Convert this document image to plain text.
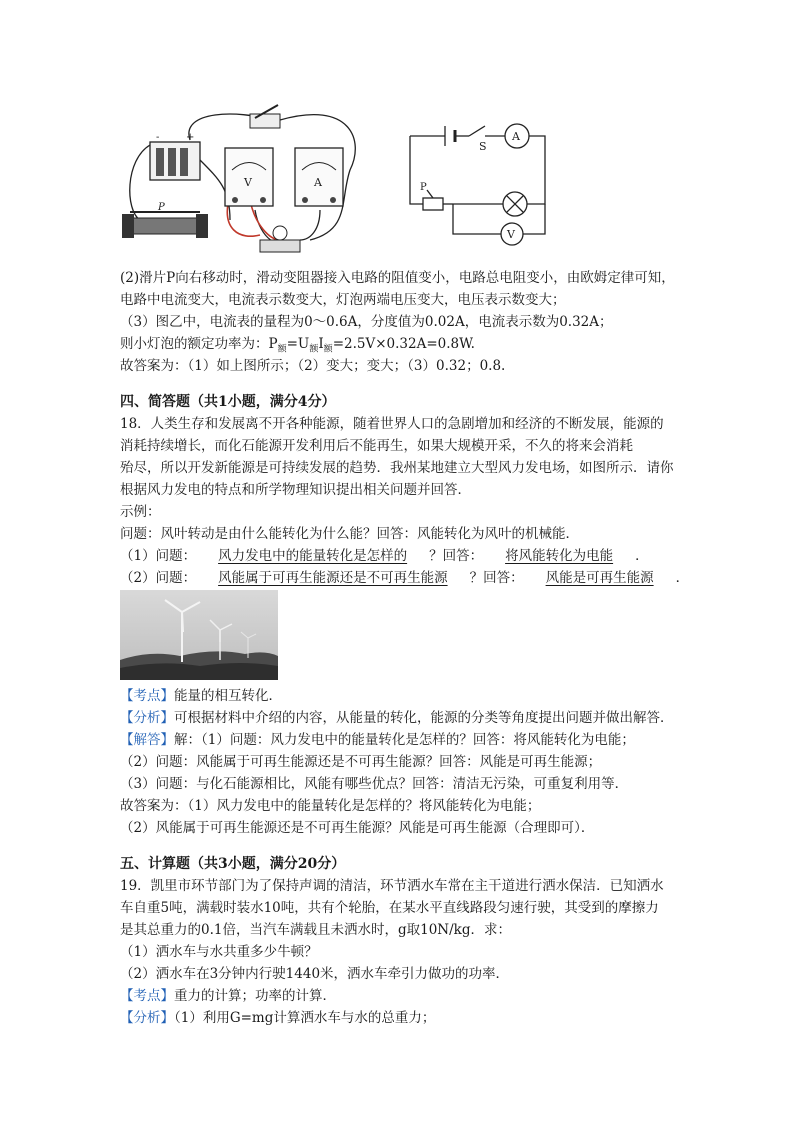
-	+
V	A
P
S
A
P
V
(2)滑片P向右移动时，滑动变阻器接入电路的阻值变小，电路总电阻变小，由欧姆定律可知，
电路中电流变大，电流表示数变大，灯泡两端电压变大，电压表示数变大；
（3）图乙中，电流表的量程为0～0.6A，分度值为0.02A，电流表示数为0.32A；
则小灯泡的额定功率为：$P_额=U_额I_额=2.5V\times 0.32A=0.8W$.
故答案为：（1）如上图所示；（2）变大；变大；（3）0.32；0.8.
四、简答题（共1小题，满分4分）
18．人类生存和发展离不开各种能源，随着世界人口的急剧增加和经济的不断发展，能源的
消耗持续增长，而化石能源开发利用后不能再生，如果大规模开采，不久的将来会消耗
殆尽，所以开发新能源是可持续发展的趋势．我州某地建立大型风力发电场，如图所示．请你
根据风力发电的特点和所学物理知识提出相关问题并回答．
示例：
问题：风叶转动是由什么能转化为什么能？回答：风能转化为风叶的机械能．
（1）问题： 风力发电中的能量转化是怎样的 ？回答： 将风能转化为电能 ．
（2）问题： 风能属于可再生能源还是不可再生能源 ？回答： 风能是可再生能源 ．
【考点】能量的相互转化．
【分析】可根据材料中介绍的内容，从能量的转化，能源的分类等角度提出问题并做出解答．
【解答】解：（1）问题：风力发电中的能量转化是怎样的？回答：将风能转化为电能；
（2）问题：风能属于可再生能源还是不可再生能源？回答：风能是可再生能源；
（3）问题：与化石能源相比，风能有哪些优点？回答：清洁无污染，可重复利用等．
故答案为：（1）风力发电中的能量转化是怎样的？将风能转化为电能；
（2）风能属于可再生能源还是不可再生能源？风能是可再生能源（合理即可）．
五、计算题（共3小题，满分20分）
19．凯里市环节部门为了保持声调的清洁，环节洒水车常在主干道进行洒水保洁．已知洒水
车自重5吨，满载时装水10吨，共有个轮胎，在某水平直线路段匀速行驶，其受到的摩擦力
是其总重力的0.1倍，当汽车满载且未洒水时，g取10N/kg．求：
（1）洒水车与水共重多少牛顿？
（2）洒水车在3分钟内行驶1440米，洒水车牵引力做功的功率．
【考点】重力的计算；功率的计算．
【分析】（1）利用G=mg计算洒水车与水的总重力；
